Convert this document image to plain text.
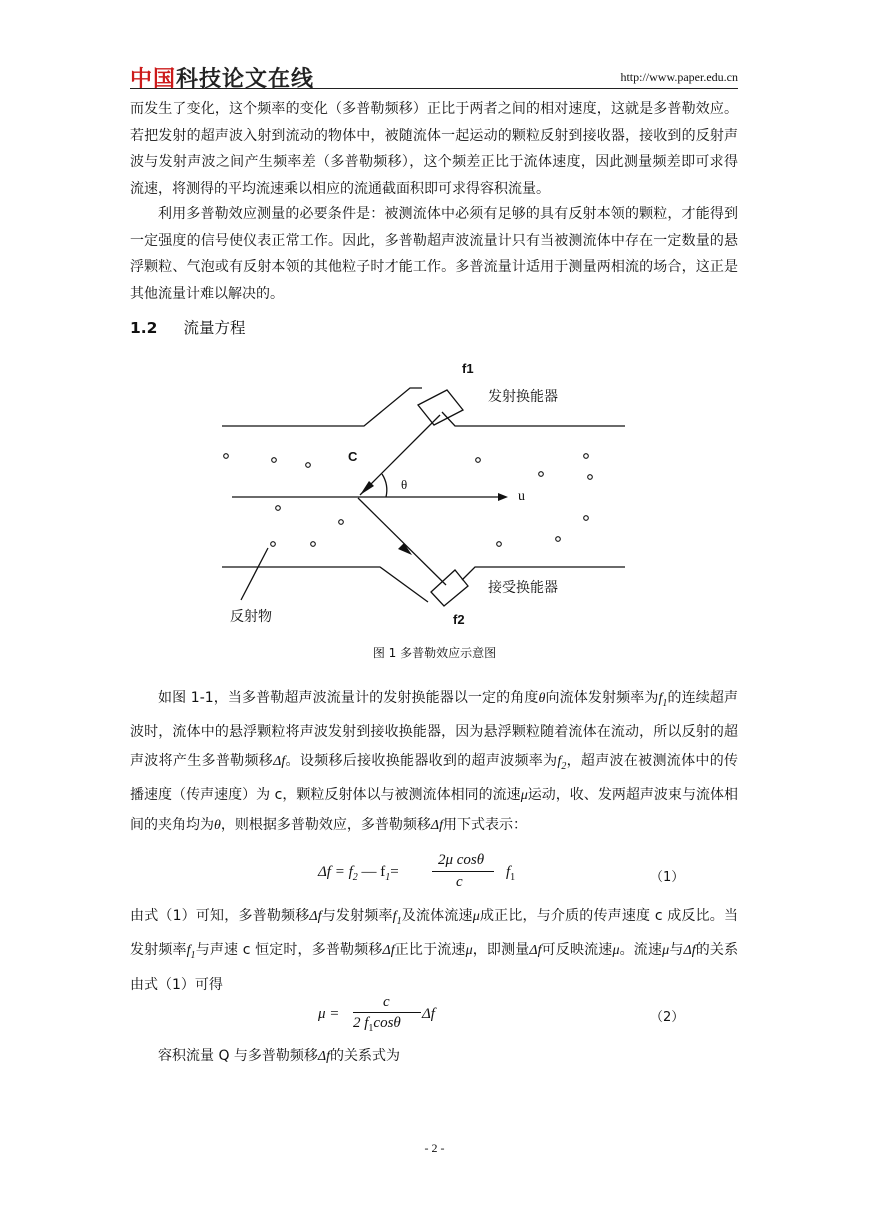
中国科技论文在线	http://www.paper.edu.cn
而发生了变化，这个频率的变化（多普勒频移）正比于两者之间的相对速度，这就是多普勒效应。若把发射的超声波入射到流动的物体中，被随流体一起运动的颗粒反射到接收器，接收到的反射声波与发射声波之间产生频率差（多普勒频移），这个频差正比于流体速度，因此测量频差即可求得流速，将测得的平均流速乘以相应的流通截面积即可求得容积流量。
利用多普勒效应测量的必要条件是：被测流体中必须有足够的具有反射本领的颗粒，才能得到一定强度的信号使仪表正常工作。因此，多普勒超声波流量计只有当被测流体中存在一定数量的悬浮颗粒、气泡或有反射本领的其他粒子时才能工作。多普流量计适用于测量两相流的场合，这正是其他流量计难以解决的。
1.2 流量方程
f1
发射换能器
C
θ
u
接受换能器
f2
反射物
图 1 多普勒效应示意图
如图 1-1，当多普勒超声波流量计的发射换能器以一定的角度θ向流体发射频率为$f_1$的连续超声波时，流体中的悬浮颗粒将声波发射到接收换能器，因为悬浮颗粒随着流体在流动，所以反射的超声波将产生多普勒频移Δf。设频移后接收换能器收到的超声波频率为$f_2$，超声波在被测流体中的传播速度（传声速度）为 c，颗粒反射体以与被测流体相同的流速μ运动，收、发两超声波束与流体相间的夹角均为θ，则根据多普勒效应，多普勒频移Δf用下式表示：
$\Delta f = f_2$ — $f_1=$
2μ cosθ
c
$f_1$	（1）
由式（1）可知，多普勒频移Δf与发射频率$f_1$及流体流速μ成正比，与介质的传声速度 c 成反比。当发射频率$f_1$与声速 c 恒定时，多普勒频移Δf正比于流速μ，即测量Δf可反映流速μ。流速μ与Δf的关系由式（1）可得
μ =
c
2 $f_1\cos\theta$
Δf	（2）
容积流量 Q 与多普勒频移Δf的关系式为
- 2 -
